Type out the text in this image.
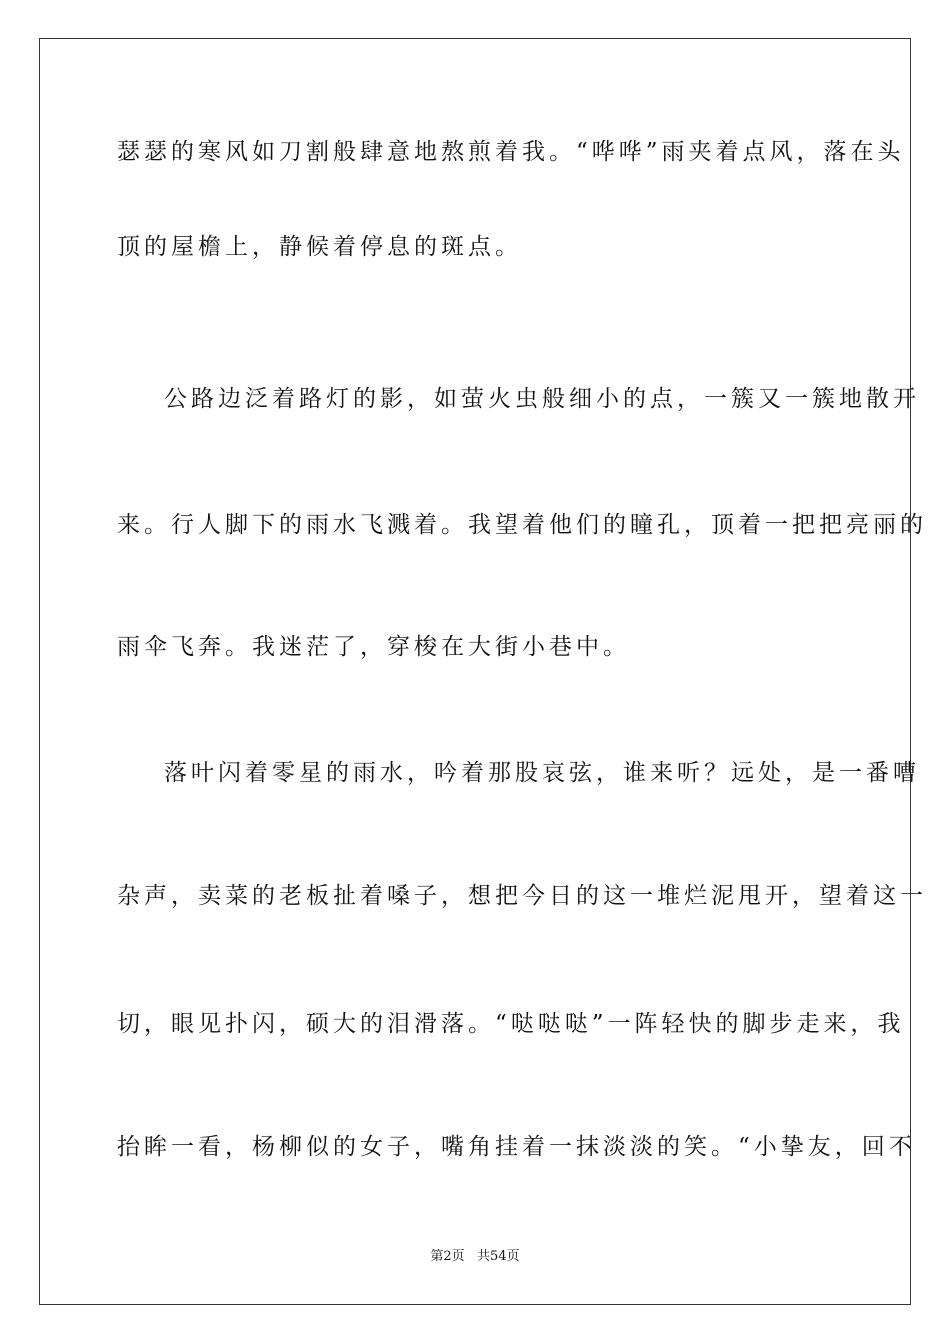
瑟瑟的寒风如刀割般肆意地熬煎着我。“哗哗”雨夹着点风，落在头
顶的屋檐上，静候着停息的斑点。
公路边泛着路灯的影，如萤火虫般细小的点，一簇又一簇地散开
来。行人脚下的雨水飞溅着。我望着他们的瞳孔，顶着一把把亮丽的
雨伞飞奔。我迷茫了，穿梭在大街小巷中。
落叶闪着零星的雨水，吟着那股哀弦，谁来听？远处，是一番嘈
杂声，卖菜的老板扯着嗓子，想把今日的这一堆烂泥甩开，望着这一
切，眼见扑闪，硕大的泪滑落。“哒哒哒”一阵轻快的脚步走来，我
抬眸一看，杨柳似的女子，嘴角挂着一抹淡淡的笑。“小挚友，回不
第2页   共54页
